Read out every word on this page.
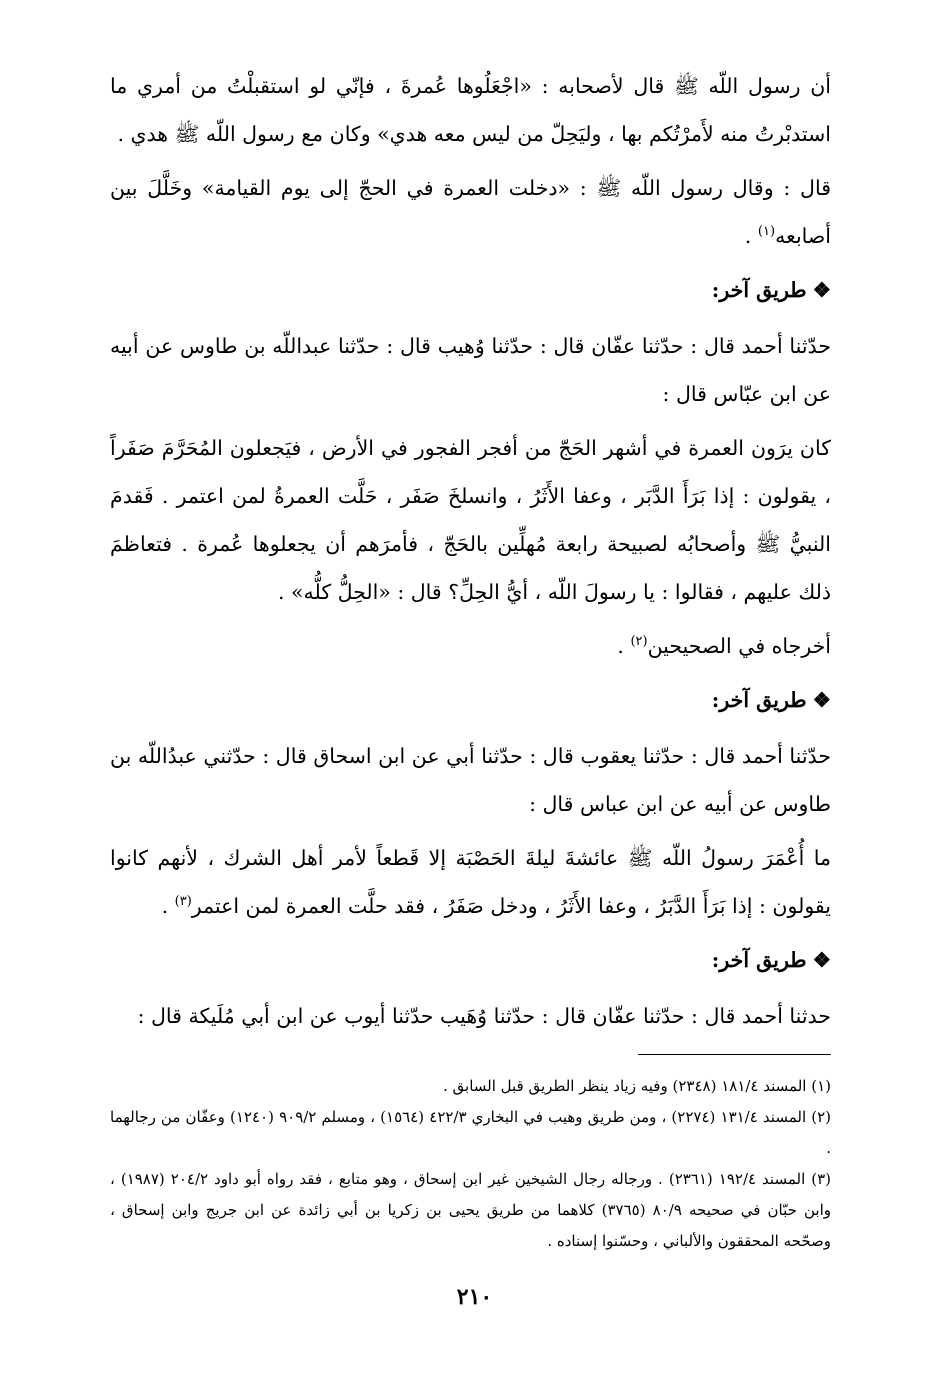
أن رسول اللّه ﷺ قال لأصحابه : «اجْعَلُوها عُمرةَ ، فإنّي لو استقبلْتُ من أمري ما استدبْرتُ منه لأَمرْتُكم بها ، وليَحِلّ من ليس معه هدي» وكان مع رسول اللّه ﷺ هدي .

قال : وقال رسول اللّه ﷺ : «دخلت العمرة في الحجّ إلى يوم القيامة» وخَلَّلَ بين أصابعه$^{(١)}$ .

❖طريق آخر:

حدّثنا أحمد قال : حدّثنا عفّان قال : حدّثنا وُهيب قال : حدّثنا عبداللّه بن طاوس عن أبيه عن ابن عبّاس قال :

كان يرَون العمرة في أشهر الحَجّ من أفجر الفجور في الأرض ، فيَجعلون المُحَرَّمَ صَفَراً ، يقولون : إذا بَرَأَ الدَّبَر ، وعفا الأَثَرُ ، وانسلخَ صَفَر ، حَلَّت العمرةُ لمن اعتمر . فَقدمَ النبيُّ ﷺ وأصحابُه لصبيحة رابعة مُهلِّين بالحَجّ ، فأمرَهم أن يجعلوها عُمرة . فتعاظمَ ذلك عليهم ، فقالوا : يا رسولَ اللّه ، أيُّ الحِلِّ؟ قال : «الحِلُّ كلُّه» .

أخرجاه في الصحيحين$^{(٢)}$ .

❖طريق آخر:

حدّثنا أحمد قال : حدّثنا يعقوب قال : حدّثنا أبي عن ابن اسحاق قال : حدّثني عبدُاللّه بن طاوس عن أبيه عن ابن عباس قال :

ما أُعْمَرَ رسولُ اللّه ﷺ عائشةَ ليلةَ الحَصْبَة إلا قَطعاً لأمر أهل الشرك ، لأنهم كانوا يقولون : إذا بَرَأَ الدَّبَرُ ، وعفا الأَثَرُ ، ودخل صَفَرُ ، فقد حلَّت العمرة لمن اعتمر$^{(٣)}$ .

❖طريق آخر:

حدثنا أحمد قال : حدّثنا عفّان قال : حدّثنا وُهَيب حدّثنا أيوب عن ابن أبي مُلَيكة قال :

(١) المسند ١٨١/٤ (٢٣٤٨) وفيه زياد ينظر الطريق قبل السابق .

(٢) المسند ١٣١/٤ (٢٢٧٤) ، ومن طريق وهيب في البخاري ٤٢٢/٣ (١٥٦٤) ، ومسلم ٩٠٩/٢ (١٢٤٠) وعفّان من رجالهما .

(٣) المسند ١٩٢/٤ (٢٣٦١) . ورجاله رجال الشيخين غير ابن إسحاق ، وهو متابع ، فقد رواه أبو داود ٢٠٤/٢ (١٩٨٧) ، وابن حبّان في صحيحه ٨٠/٩ (٣٧٦٥) كلاهما من طريق يحيى بن زكريا بن أبي زائدة عن ابن جريج وابن إسحاق ، وصحّحه المحققون والألباني ، وحسّنوا إسناده .

٢١٠
